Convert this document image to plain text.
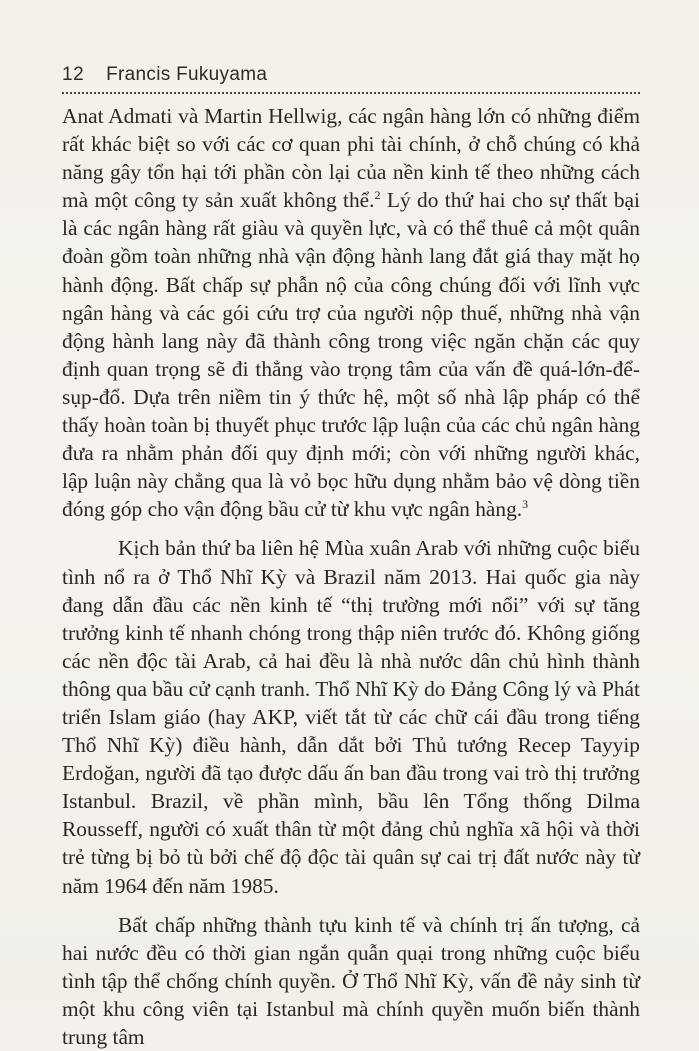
12 Francis Fukuyama

Anat Admati và Martin Hellwig, các ngân hàng lớn có những điểm rất khác biệt so với các cơ quan phi tài chính, ở chỗ chúng có khả năng gây tổn hại tới phần còn lại của nền kinh tế theo những cách mà một công ty sản xuất không thể.$^2$ Lý do thứ hai cho sự thất bại là các ngân hàng rất giàu và quyền lực, và có thể thuê cả một quân đoàn gồm toàn những nhà vận động hành lang đắt giá thay mặt họ hành động. Bất chấp sự phẫn nộ của công chúng đối với lĩnh vực ngân hàng và các gói cứu trợ của người nộp thuế, những nhà vận động hành lang này đã thành công trong việc ngăn chặn các quy định quan trọng sẽ đi thẳng vào trọng tâm của vấn đề quá-lớn-để-sụp-đổ. Dựa trên niềm tin ý thức hệ, một số nhà lập pháp có thể thấy hoàn toàn bị thuyết phục trước lập luận của các chủ ngân hàng đưa ra nhằm phản đối quy định mới; còn với những người khác, lập luận này chẳng qua là vỏ bọc hữu dụng nhằm bảo vệ dòng tiền đóng góp cho vận động bầu cử từ khu vực ngân hàng.$^3$

Kịch bản thứ ba liên hệ Mùa xuân Arab với những cuộc biểu tình nổ ra ở Thổ Nhĩ Kỳ và Brazil năm 2013. Hai quốc gia này đang dẫn đầu các nền kinh tế “thị trường mới nổi” với sự tăng trưởng kinh tế nhanh chóng trong thập niên trước đó. Không giống các nền độc tài Arab, cả hai đều là nhà nước dân chủ hình thành thông qua bầu cử cạnh tranh. Thổ Nhĩ Kỳ do Đảng Công lý và Phát triển Islam giáo (hay AKP, viết tắt từ các chữ cái đầu trong tiếng Thổ Nhĩ Kỳ) điều hành, dẫn dắt bởi Thủ tướng Recep Tayyip Erdoğan, người đã tạo được dấu ấn ban đầu trong vai trò thị trưởng Istanbul. Brazil, về phần mình, bầu lên Tổng thống Dilma Rousseff, người có xuất thân từ một đảng chủ nghĩa xã hội và thời trẻ từng bị bỏ tù bởi chế độ độc tài quân sự cai trị đất nước này từ năm 1964 đến năm 1985.

Bất chấp những thành tựu kinh tế và chính trị ấn tượng, cả hai nước đều có thời gian ngắn quẫn quại trong những cuộc biểu tình tập thể chống chính quyền. Ở Thổ Nhĩ Kỳ, vấn đề nảy sinh từ một khu công viên tại Istanbul mà chính quyền muốn biến thành trung tâm
